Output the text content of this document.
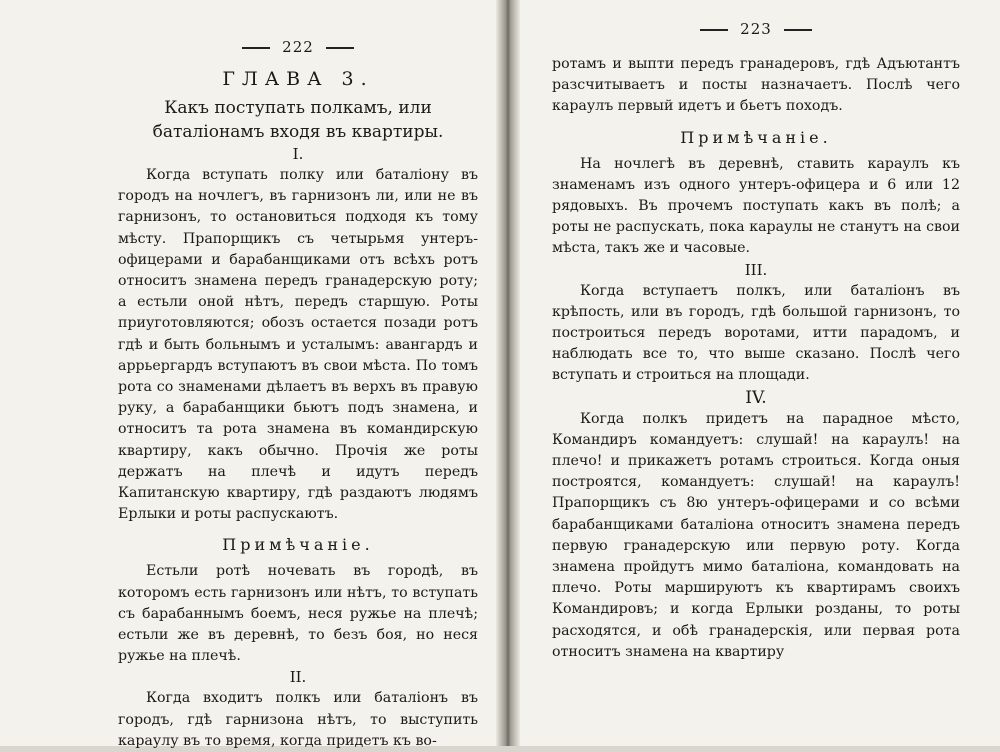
222
ГЛАВА 3.
Какъ поступать полкамъ, или баталіонамъ входя въ квартиры.

I.

Когда вступать полку или баталіону въ городъ на ночлегъ, въ гарнизонъ ли, или не въ гарнизонъ, то остановиться подходя къ тому мѣсту. Прапорщикъ съ четырьмя унтеръ-офицерами и барабанщиками отъ всѣхъ ротъ относитъ знамена передъ гранадерскую роту; а естьли оной нѣтъ, передъ старшую. Роты приуготовляются; обозъ остается позади ротъ гдѣ и быть больнымъ и усталымъ: авангардъ и аррьергардъ вступаютъ въ свои мѣста. По томъ рота со знаменами дѣлаетъ въ верхъ въ правую руку, а барабанщики бьютъ подъ знамена, и относитъ та рота знамена въ командирскую квартиру, какъ обычно. Прочія же роты держатъ на плечѣ и идутъ передъ Капитанскую квартиру, гдѣ раздаютъ людямъ Ерлыки и роты распускаютъ.

Примѣчаніе.

Естьли ротѣ ночевать въ городѣ, въ которомъ есть гарнизонъ или нѣтъ, то вступать съ барабаннымъ боемъ, неся ружье на плечѣ; естьли же въ деревнѣ, то безъ боя, но неся ружье на плечѣ.

II.

Когда входитъ полкъ или баталіонъ въ городъ, гдѣ гарнизона нѣтъ, то выступить караулу въ то время, когда придетъ къ во-

223

ротамъ и выпти передъ гранадеровъ, гдѣ Адъютантъ разсчитываетъ и посты назначаетъ. Послѣ чего караулъ первый идетъ и бьетъ походъ.

Примѣчаніе.

На ночлегѣ въ деревнѣ, ставить караулъ къ знаменамъ изъ одного унтеръ-офицера и 6 или 12 рядовыхъ. Въ прочемъ поступать какъ въ полѣ; а роты не распускать, пока караулы не станутъ на свои мѣста, такъ же и часовые.

III.

Когда вступаетъ полкъ, или баталіонъ въ крѣпость, или въ городъ, гдѣ большой гарнизонъ, то построиться передъ воротами, итти парадомъ, и наблюдать все то, что выше сказано. Послѣ чего вступать и строиться на площади.

IV.

Когда полкъ придетъ на парадное мѣсто, Командиръ командуетъ: слушай! на караулъ! на плечо! и прикажетъ ротамъ строиться. Когда оныя построятся, командуетъ: слушай! на караулъ! Прапорщикъ съ 8ю унтеръ-офицерами и со всѣми барабанщиками баталіона относитъ знамена передъ первую гранадерскую или первую роту. Когда знамена пройдутъ мимо баталіона, командовать на плечо. Роты маршируютъ къ квартирамъ своихъ Командировъ; и когда Ерлыки розданы, то роты расходятся, и обѣ гранадерскія, или первая рота относитъ знамена на квартиру
